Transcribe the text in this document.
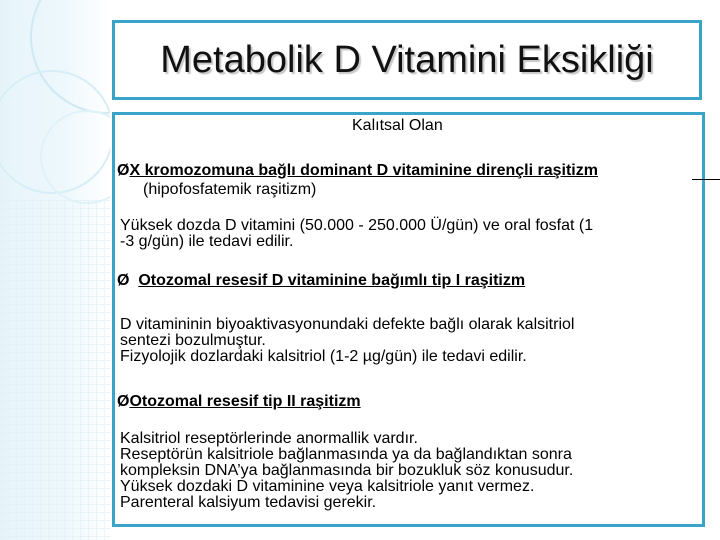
Metabolik D Vitamini Eksikliği
Kalıtsal Olan
ØX kromozomuna bağlı dominant D vitaminine dirençli raşitizm
(hipofosfatemik raşitizm)
Yüksek dozda D vitamini (50.000 - 250.000 Ü/gün) ve oral fosfat (1
-3 g/gün) ile tedavi edilir.
Ø Otozomal resesif D vitaminine bağımlı tip I raşitizm
D vitamininin biyoaktivasyonundaki defekte bağlı olarak kalsitriol
sentezi bozulmuştur.
Fizyolojik dozlardaki kalsitriol (1-2 µg/gün) ile tedavi edilir.
ØOtozomal resesif tip II raşitizm
Kalsitriol reseptörlerinde anormallik vardır.
Reseptörün kalsitriole bağlanmasında ya da bağlandıktan sonra
kompleksin DNA’ya bağlanmasında bir bozukluk söz konusudur.
Yüksek dozdaki D vitaminine veya kalsitriole yanıt vermez.
Parenteral kalsiyum tedavisi gerekir.
